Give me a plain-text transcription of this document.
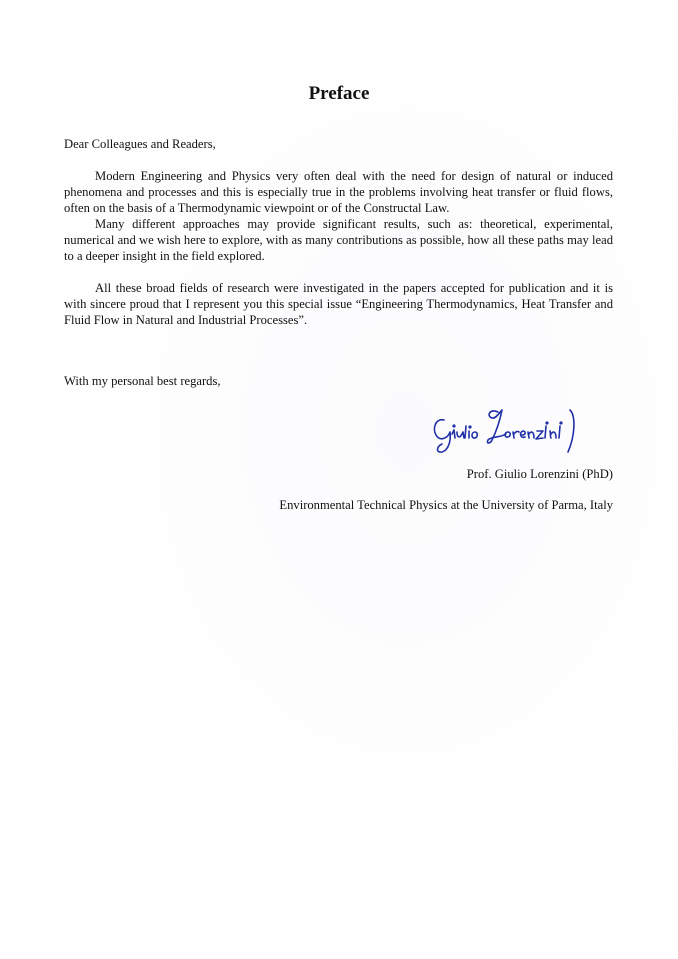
Preface
Dear Colleagues and Readers,
Modern Engineering and Physics very often deal with the need for design of natural or induced phenomena and processes and this is especially true in the problems involving heat transfer or fluid flows, often on the basis of a Thermodynamic viewpoint or of the Constructal Law.
Many different approaches may provide significant results, such as: theoretical, experimental, numerical and we wish here to explore, with as many contributions as possible, how all these paths may lead to a deeper insight in the field explored.
All these broad fields of research were investigated in the papers accepted for publication and it is with sincere proud that I represent you this special issue “Engineering Thermodynamics, Heat Transfer and Fluid Flow in Natural and Industrial Processes”.
With my personal best regards,
Prof. Giulio Lorenzini (PhD)
Environmental Technical Physics at the University of Parma, Italy
